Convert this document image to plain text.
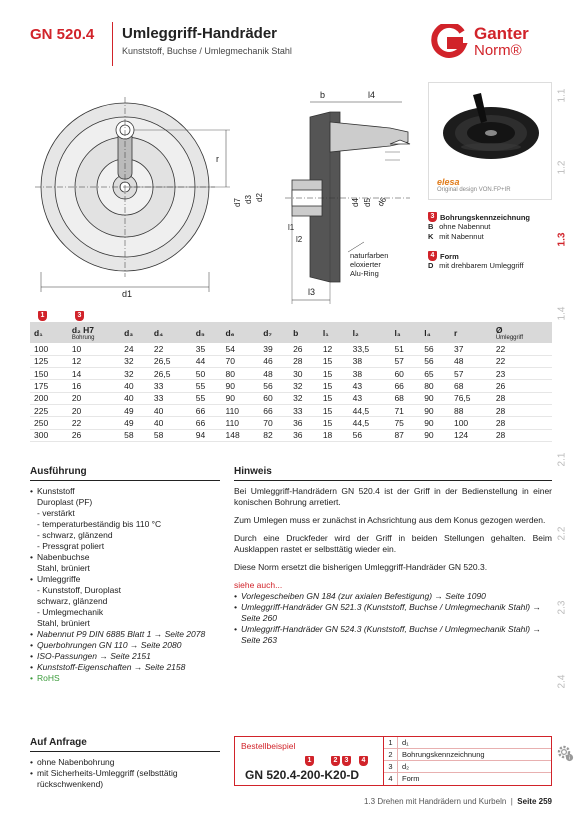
GN 520.4 Umleggriff-Handräder
Kunststoff, Buchse / Umlegmechanik Stahl
Ganter
Norm®
1.1
1.2
1.3
1.4
2.1
2.2
2.3
2.4
d1
r
b	l4
l1
l2
l3
d7 d3 d2
d4 d5 d6
naturfarben
eloxierter
Alu-Ring
elesa
Original design VON.FP+IR
3 Bohrungskennzeichnung
B ohne Nabennut
K mit Nabennut
4 Form
D mit drehbarem Umleggriff
1	3
d₁	d₂ H7
Bohrung	d₃	d₄	d₅	d₆	d₇	b	l₁	l₂	l₃	l₄	r	Ø
Umleggriff

100	10	24	22	35	54	39	26	12	33,5	51	56	37	22
125	12	32	26,5	44	70	46	28	15	38	57	56	48	22
150	14	32	26,5	50	80	48	30	15	38	60	65	57	23
175	16	40	33	55	90	56	32	15	43	66	80	68	26
200	20	40	33	55	90	60	32	15	43	68	90	76,5	28
225	20	49	40	66	110	66	33	15	44,5	71	90	88	28
250	22	49	40	66	110	70	36	15	44,5	75	90	100	28
300	26	58	58	94	148	82	36	18	56	87	90	124	28
Ausführung
• Kunststoff
Duroplast (PF)
- verstärkt
- temperaturbeständig bis 110 °C
- schwarz, glänzend
- Pressgrat poliert
• Nabenbuchse
Stahl, brüniert
• Umleggriffe
- Kunststoff, Duroplast
schwarz, glänzend
- Umlegmechanik
Stahl, brüniert
• Nabennut P9 DIN 6885 Blatt 1 → Seite 2078
• Querbohrungen GN 110 → Seite 2080
• ISO-Passungen → Seite 2151
• Kunststoff-Eigenschaften → Seite 2158
• RoHS
Auf Anfrage
• ohne Nabenbohrung
• mit Sicherheits-Umleggriff (selbsttätig rückschwenkend)
Hinweis

Bei Umleggriff-Handrädern GN 520.4 ist der Griff in der Bedienstellung in einer konischen Bohrung arretiert.

Zum Umlegen muss er zunächst in Achsrichtung aus dem Konus gezogen werden.

Durch eine Druckfeder wird der Griff in beiden Stellungen gehalten. Beim Ausklappen rastet er selbsttätig wieder ein.

Diese Norm ersetzt die bisherigen Umleggriff-Handräder GN 520.3.

siehe auch...
• Vorlegescheiben GN 184 (zur axialen Befestigung) → Seite 1090
• Umleggriff-Handräder GN 521.3 (Kunststoff, Buchse / Umlegmechanik Stahl) → Seite 260
• Umleggriff-Handräder GN 524.3 (Kunststoff, Buchse / Umlegmechanik Stahl) → Seite 263
Bestellbeispiel
1	2	3	4
GN 520.4-200-K20-D
1	d₁
2	Bohrungskennzeichnung
3	d₂
4	Form
i
1.3 Drehen mit Handrädern und Kurbeln | Seite 259
